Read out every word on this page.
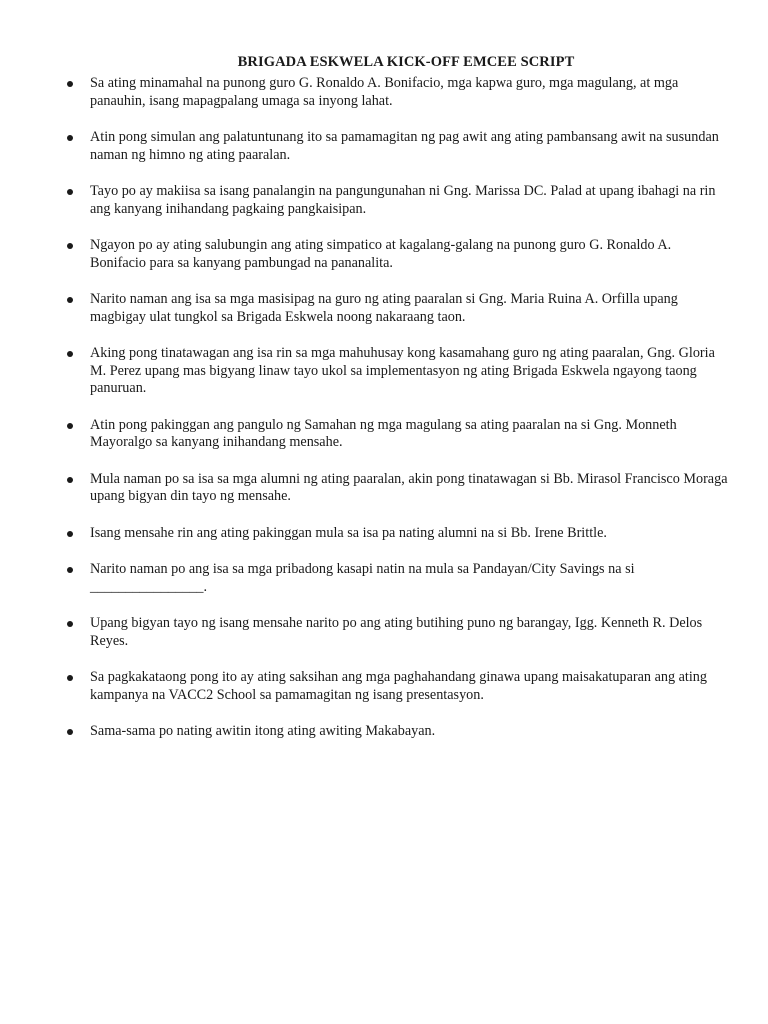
BRIGADA ESKWELA KICK-OFF EMCEE SCRIPT
Sa ating minamahal na punong guro G. Ronaldo A. Bonifacio, mga kapwa guro, mga magulang, at mga panauhin, isang mapagpalang umaga sa inyong lahat.
Atin pong simulan ang palatuntunang ito sa pamamagitan ng pag awit ang ating pambansang awit na susundan naman ng himno ng ating paaralan.
Tayo po ay makiisa sa isang panalangin na pangungunahan ni Gng. Marissa DC. Palad at upang ibahagi na rin ang kanyang inihandang pagkaing pangkaisipan.
Ngayon po ay ating salubungin ang ating simpatico at kagalang-galang na punong guro G. Ronaldo A. Bonifacio para sa kanyang pambungad na pananalita.
Narito naman ang isa sa mga masisipag na guro ng ating paaralan si Gng. Maria Ruina A. Orfilla upang magbigay ulat tungkol sa Brigada Eskwela noong nakaraang taon.
Aking pong tinatawagan ang isa rin sa mga mahuhusay kong kasamahang guro ng ating paaralan, Gng. Gloria M. Perez upang mas bigyang linaw tayo ukol sa implementasyon ng ating Brigada Eskwela ngayong taong panuruan.
Atin pong pakinggan ang pangulo ng Samahan ng mga magulang sa ating paaralan na si Gng. Monneth Mayoralgo sa kanyang inihandang mensahe.
Mula naman po sa isa sa mga alumni ng ating paaralan, akin pong tinatawagan si Bb. Mirasol Francisco Moraga upang bigyan din tayo ng mensahe.
Isang mensahe rin ang ating pakinggan mula sa isa pa nating alumni na si Bb. Irene Brittle.
Narito naman po ang isa sa mga pribadong kasapi natin na mula sa Pandayan/City Savings na si ________________.
Upang bigyan tayo ng isang mensahe narito po ang ating butihing puno ng barangay, Igg. Kenneth R. Delos Reyes.
Sa pagkakataong pong ito ay ating saksihan ang mga paghahandang ginawa upang maisakatuparan ang ating kampanya na VACC2 School sa pamamagitan ng isang presentasyon.
Sama-sama po nating awitin itong ating awiting Makabayan.
